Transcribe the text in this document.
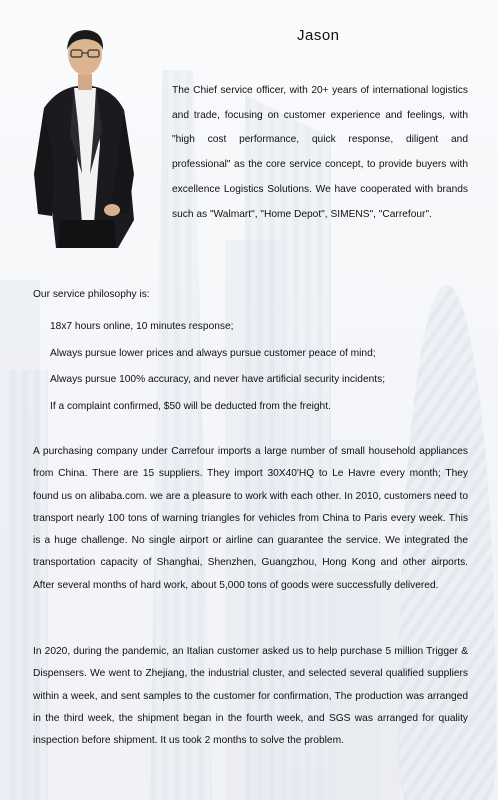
Jason

The Chief service officer, with 20+ years of international logistics and trade, focusing on customer experience and feelings, with "high cost performance, quick response, diligent and professional" as the core service concept, to provide buyers with excellence Logistics Solutions. We have cooperated with brands such as "Walmart", "Home Depot", SIMENS", "Carrefour".

Our service philosophy is:

18x7 hours online, 10 minutes response;
Always pursue lower prices and always pursue customer peace of mind;
Always pursue 100% accuracy, and never have artificial security incidents;
If a complaint confirmed, $50 will be deducted from the freight.

A purchasing company under Carrefour imports a large number of small household appliances from China. There are 15 suppliers. They import 30X40'HQ to Le Havre every month; They found us on alibaba.com. we are a pleasure to work with each other. In 2010, customers need to transport nearly 100 tons of warning triangles for vehicles from China to Paris every week. This is a huge challenge. No single airport or airline can guarantee the service. We integrated the transportation capacity of Shanghai, Shenzhen, Guangzhou, Hong Kong and other airports. After several months of hard work, about 5,000 tons of goods were successfully delivered.

In 2020, during the pandemic, an Italian customer asked us to help purchase 5 million Trigger & Dispensers. We went to Zhejiang, the industrial cluster, and selected several qualified suppliers within a week, and sent samples to the customer for confirmation, The production was arranged in the third week, the shipment began in the fourth week, and SGS was arranged for quality inspection before shipment. It us took 2 months to solve the problem.
